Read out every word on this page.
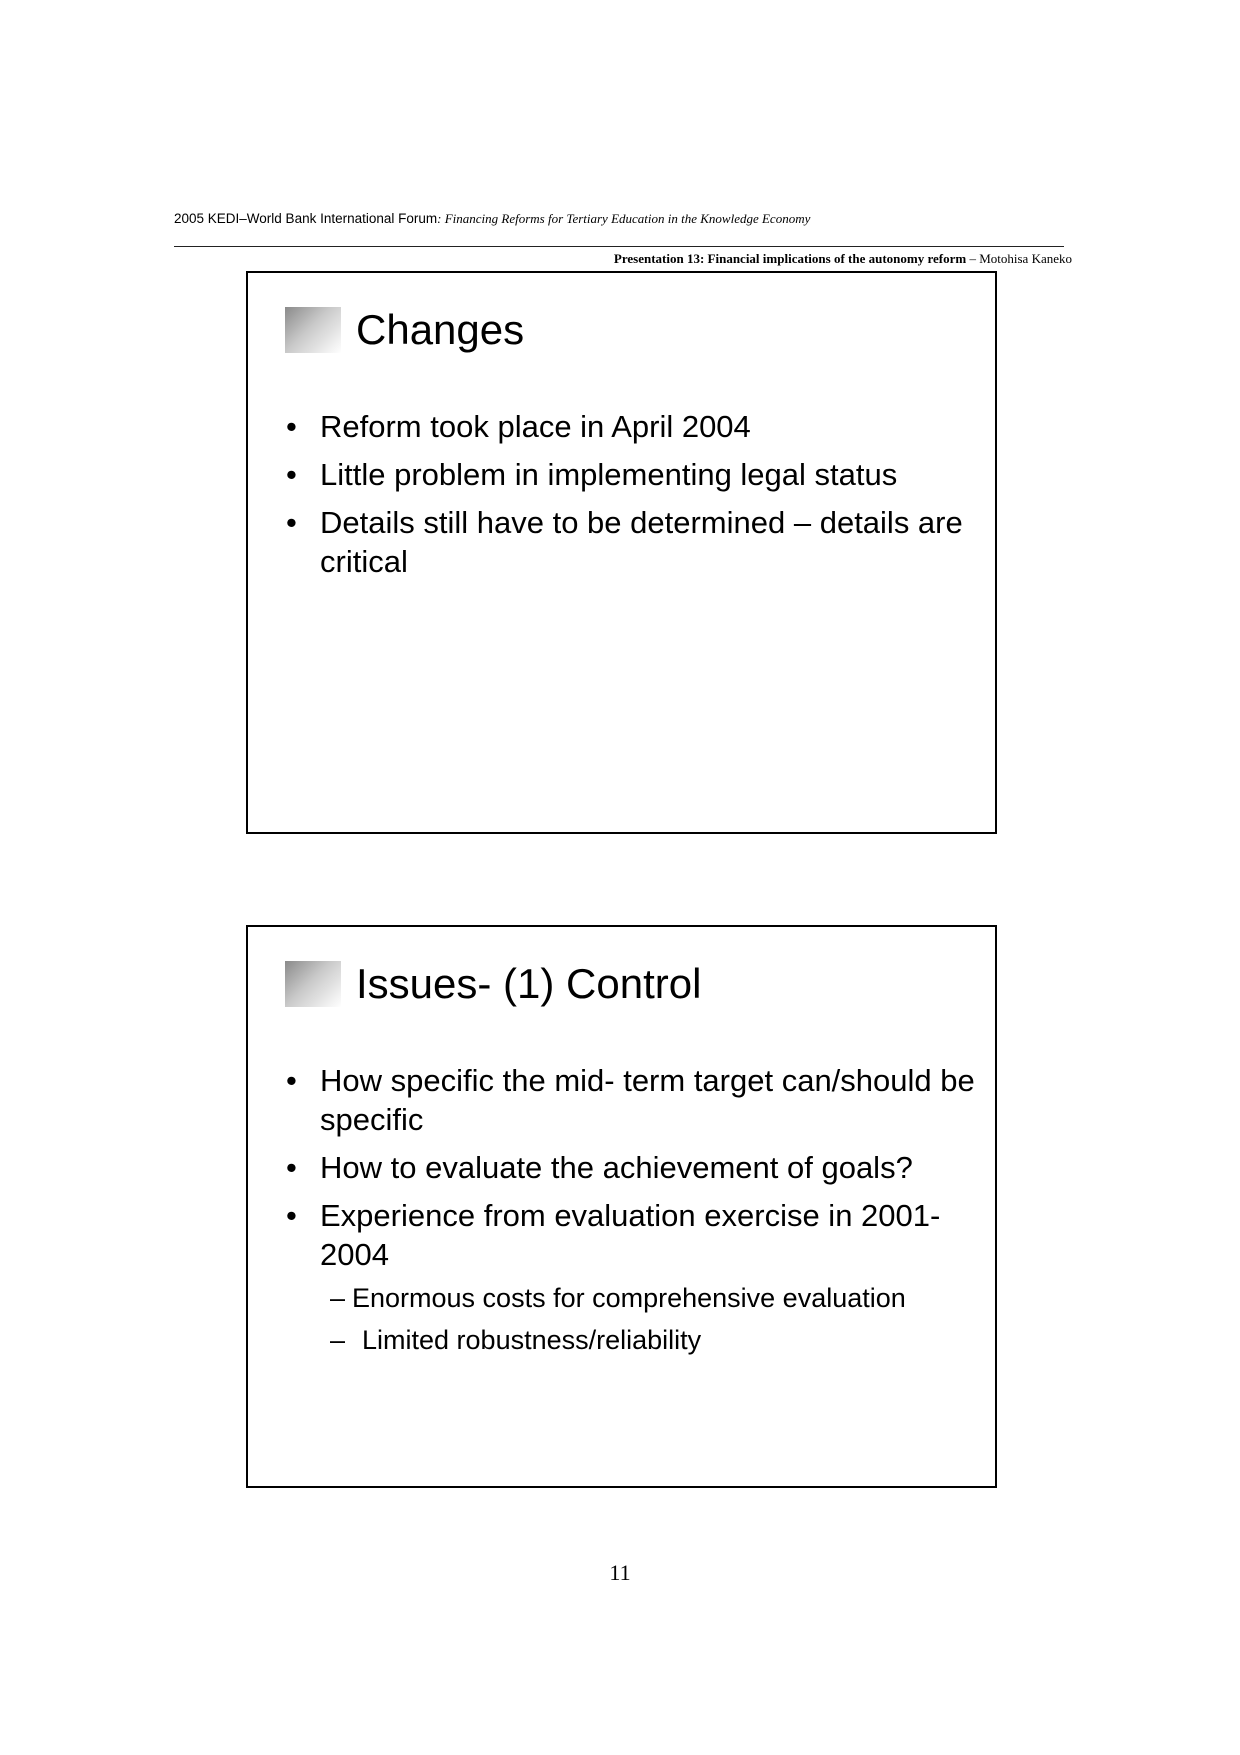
2005 KEDI–World Bank International Forum: Financing Reforms for Tertiary Education in the Knowledge Economy
Presentation 13: Financial implications of the autonomy reform – Motohisa Kaneko
Changes
• Reform took place in April 2004
• Little problem in implementing legal status
• Details still have to be determined – details are critical
Issues- (1) Control
• How specific the mid- term target can/should be specific
• How to evaluate the achievement of goals?
• Experience from evaluation exercise in 2001-2004
– Enormous costs for comprehensive evaluation
– Limited robustness/reliability
11
